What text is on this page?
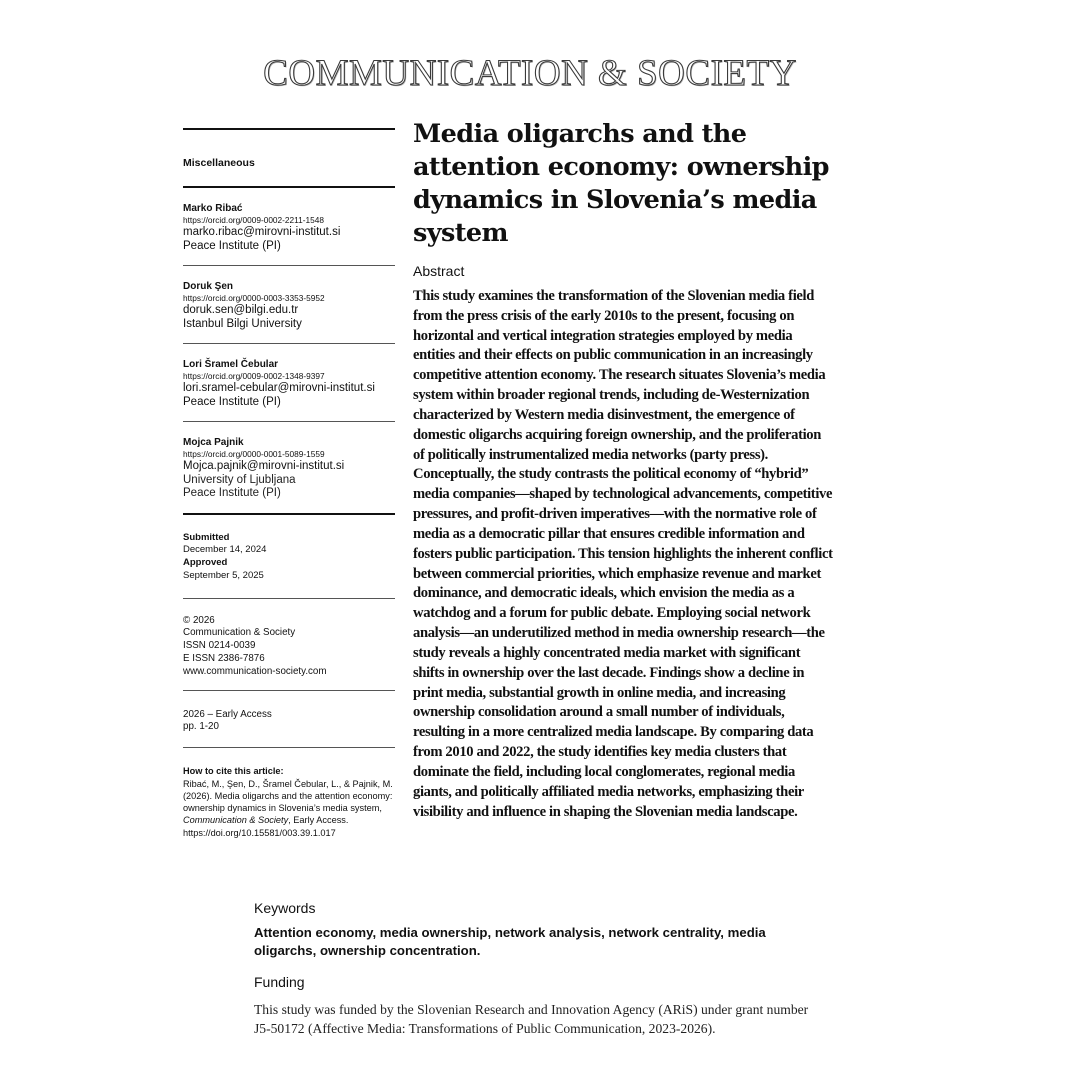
COMMUNICATION & SOCIETY
Miscellaneous
Marko Ribać
https://orcid.org/0009-0002-2211-1548
marko.ribac@mirovni-institut.si
Peace Institute (PI)
Doruk Şen
https://orcid.org/0000-0003-3353-5952
doruk.sen@bilgi.edu.tr
Istanbul Bilgi University
Lori Šramel Čebular
https://orcid.org/0009-0002-1348-9397
lori.sramel-cebular@mirovni-institut.si
Peace Institute (PI)
Mojca Pajnik
https://orcid.org/0000-0001-5089-1559
Mojca.pajnik@mirovni-institut.si
University of Ljubljana
Peace Institute (PI)
Submitted
December 14, 2024
Approved
September 5, 2025
© 2026
Communication & Society
ISSN 0214-0039
E ISSN 2386-7876
www.communication-society.com
2026 – Early Access
pp. 1-20
How to cite this article:
Ribać, M., Şen, D., Šramel Čebular, L., & Pajnik, M. (2026). Media oligarchs and the attention economy: ownership dynamics in Slovenia’s media system, Communication & Society, Early Access.
https://doi.org/10.15581/003.39.1.017
Media oligarchs and the attention economy: ownership dynamics in Slovenia’s media system
Abstract
This study examines the transformation of the Slovenian media field from the press crisis of the early 2010s to the present, focusing on horizontal and vertical integration strategies employed by media entities and their effects on public communication in an increasingly competitive attention economy. The research situates Slovenia’s media system within broader regional trends, including de-Westernization characterized by Western media disinvestment, the emergence of domestic oligarchs acquiring foreign ownership, and the proliferation of politically instrumentalized media networks (party press). Conceptually, the study contrasts the political economy of “hybrid” media companies—shaped by technological advancements, competitive pressures, and profit-driven imperatives—with the normative role of media as a democratic pillar that ensures credible information and fosters public participation. This tension highlights the inherent conflict between commercial priorities, which emphasize revenue and market dominance, and democratic ideals, which envision the media as a watchdog and a forum for public debate. Employing social network analysis—an underutilized method in media ownership research—the study reveals a highly concentrated media market with significant shifts in ownership over the last decade. Findings show a decline in print media, substantial growth in online media, and increasing ownership consolidation around a small number of individuals, resulting in a more centralized media landscape. By comparing data from 2010 and 2022, the study identifies key media clusters that dominate the field, including local conglomerates, regional media giants, and politically affiliated media networks, emphasizing their visibility and influence in shaping the Slovenian media landscape.
Keywords
Attention economy, media ownership, network analysis, network centrality, media oligarchs, ownership concentration.
Funding
This study was funded by the Slovenian Research and Innovation Agency (ARiS) under grant number J5-50172 (Affective Media: Transformations of Public Communication, 2023-2026).
